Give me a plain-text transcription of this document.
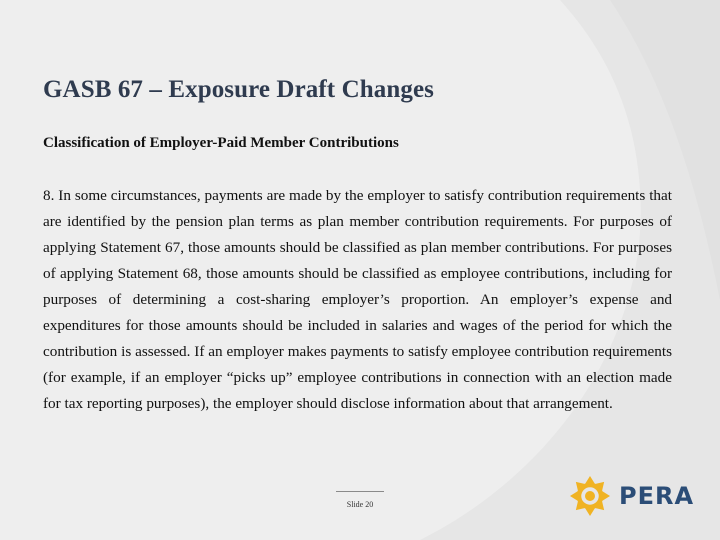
GASB 67 – Exposure Draft Changes
Classification of Employer-Paid Member Contributions

8. In some circumstances, payments are made by the employer to satisfy contribution requirements that are identified by the pension plan terms as plan member contribution requirements. For purposes of applying Statement 67, those amounts should be classified as plan member contributions. For purposes of applying Statement 68, those amounts should be classified as employee contributions, including for purposes of determining a cost-sharing employer’s proportion. An employer’s expense and expenditures for those amounts should be included in salaries and wages of the period for which the contribution is assessed. If an employer makes payments to satisfy employee contribution requirements (for example, if an employer “picks up” employee contributions in connection with an election made for tax reporting purposes), the employer should disclose information about that arrangement.

Slide 20	PERA
